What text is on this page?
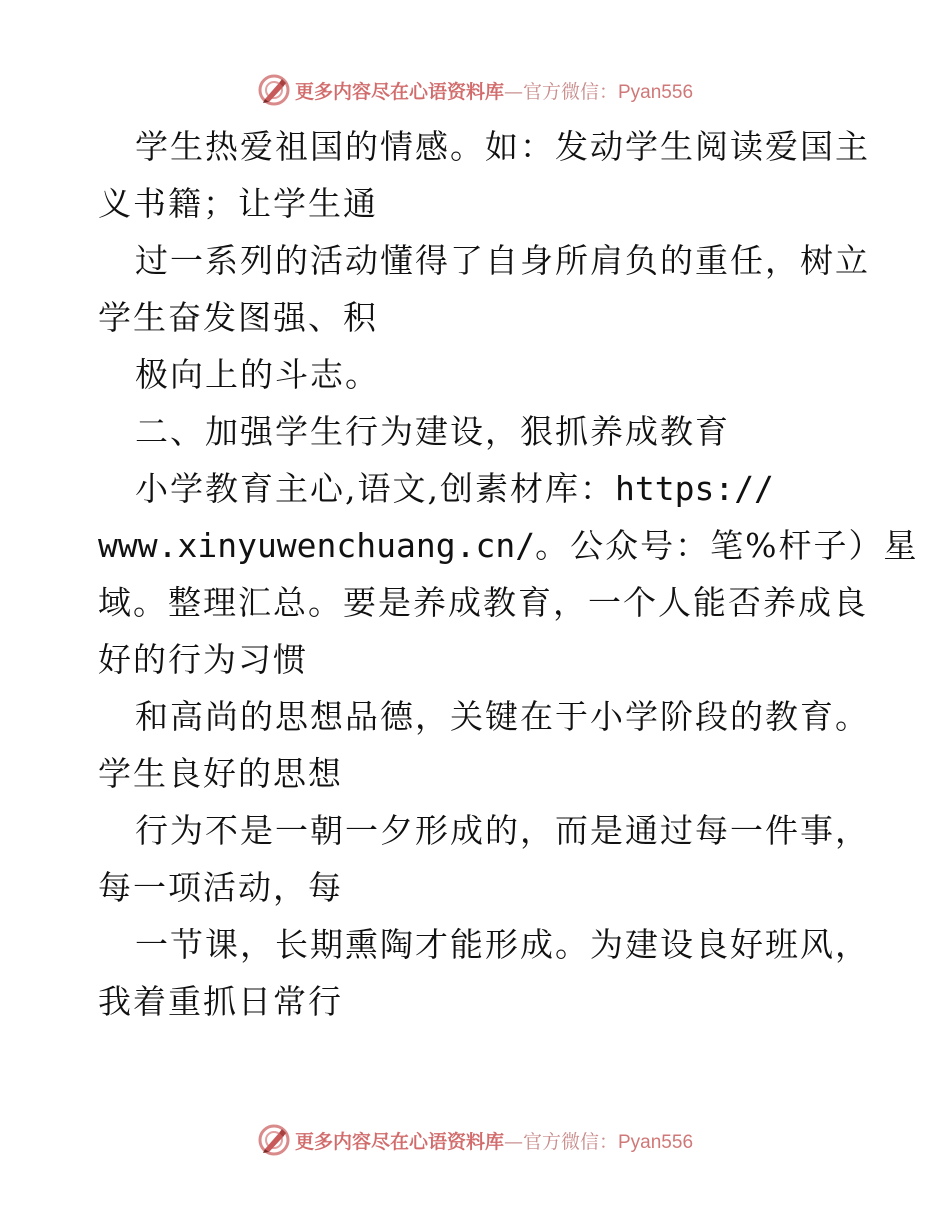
更多内容尽在心语资料库—官方微信：Pyan556
学生热爱祖国的情感。如：发动学生阅读爱国主
义书籍；让学生通
过一系列的活动懂得了自身所肩负的重任，树立
学生奋发图强、积
极向上的斗志。
二、加强学生行为建设，狠抓养成教育
小学教育主心,语文,创素材库：https://
www.xinyuwenchuang.cn/。公众号：笔%杆子）星
域。整理汇总。要是养成教育，一个人能否养成良
好的行为习惯
和高尚的思想品德，关键在于小学阶段的教育。
学生良好的思想
行为不是一朝一夕形成的，而是通过每一件事，
每一项活动，每
一节课，长期熏陶才能形成。为建设良好班风，
我着重抓日常行
更多内容尽在心语资料库—官方微信：Pyan556
